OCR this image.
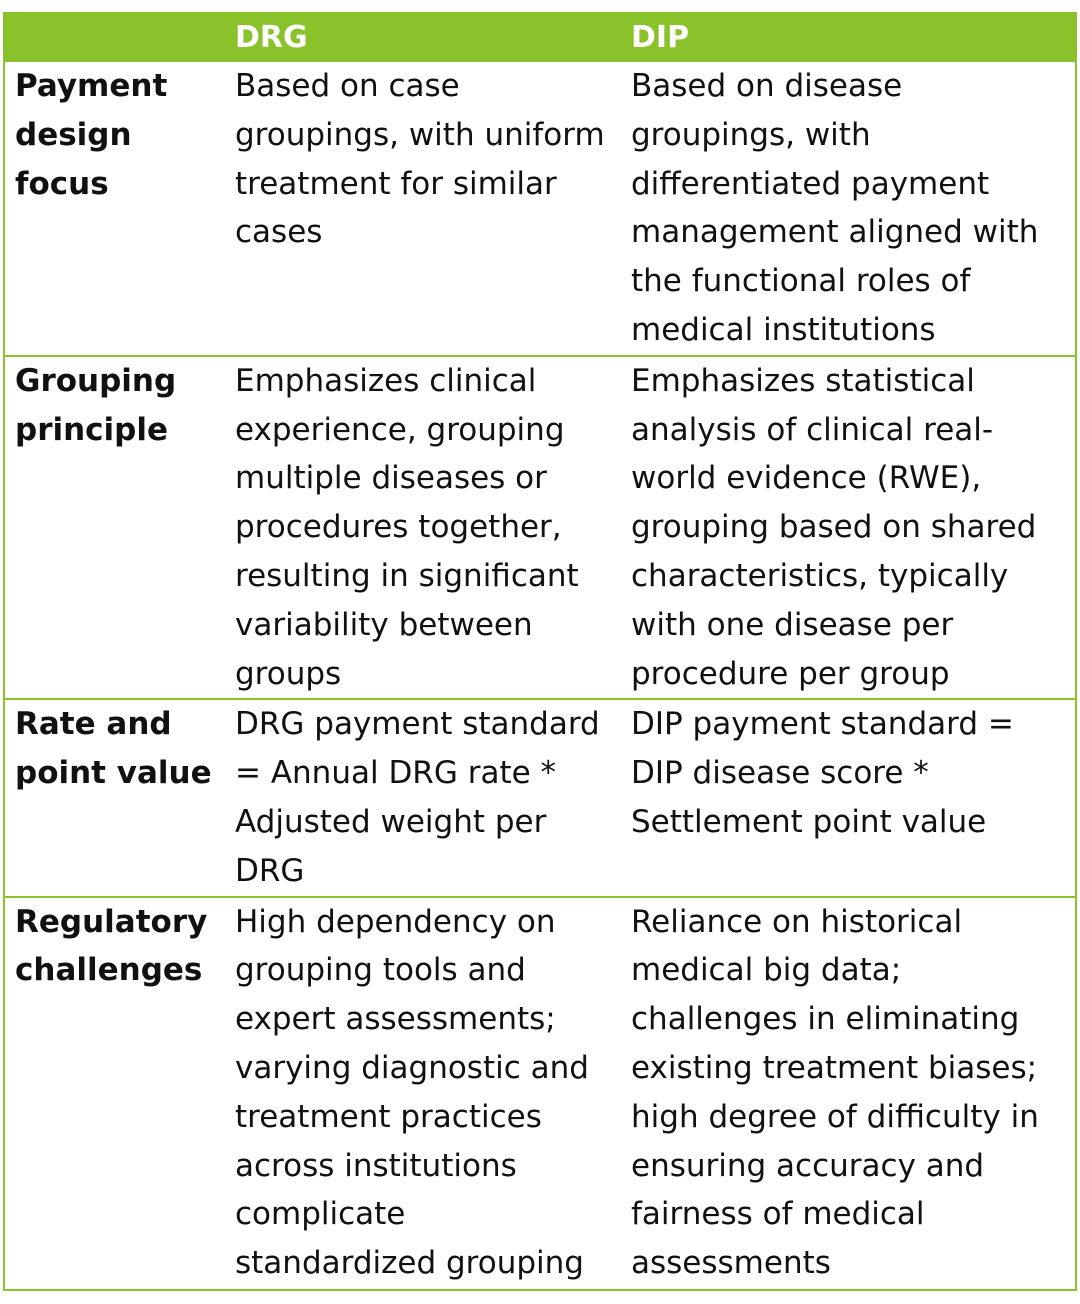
	DRG	DIP
Payment design focus	Based on case groupings, with uniform treatment for similar cases	Based on disease groupings, with differentiated payment management aligned with the functional roles of medical institutions
Grouping principle	Emphasizes clinical experience, grouping multiple diseases or procedures together, resulting in significant variability between groups	Emphasizes statistical analysis of clinical real-world evidence (RWE), grouping based on shared characteristics, typically with one disease per procedure per group
Rate and point value	DRG payment standard = Annual DRG rate * Adjusted weight per DRG	DIP payment standard = DIP disease score * Settlement point value
Regulatory challenges	High dependency on grouping tools and expert assessments; varying diagnostic and treatment practices across institutions complicate standardized grouping	Reliance on historical medical big data; challenges in eliminating existing treatment biases; high degree of difficulty in ensuring accuracy and fairness of medical assessments
